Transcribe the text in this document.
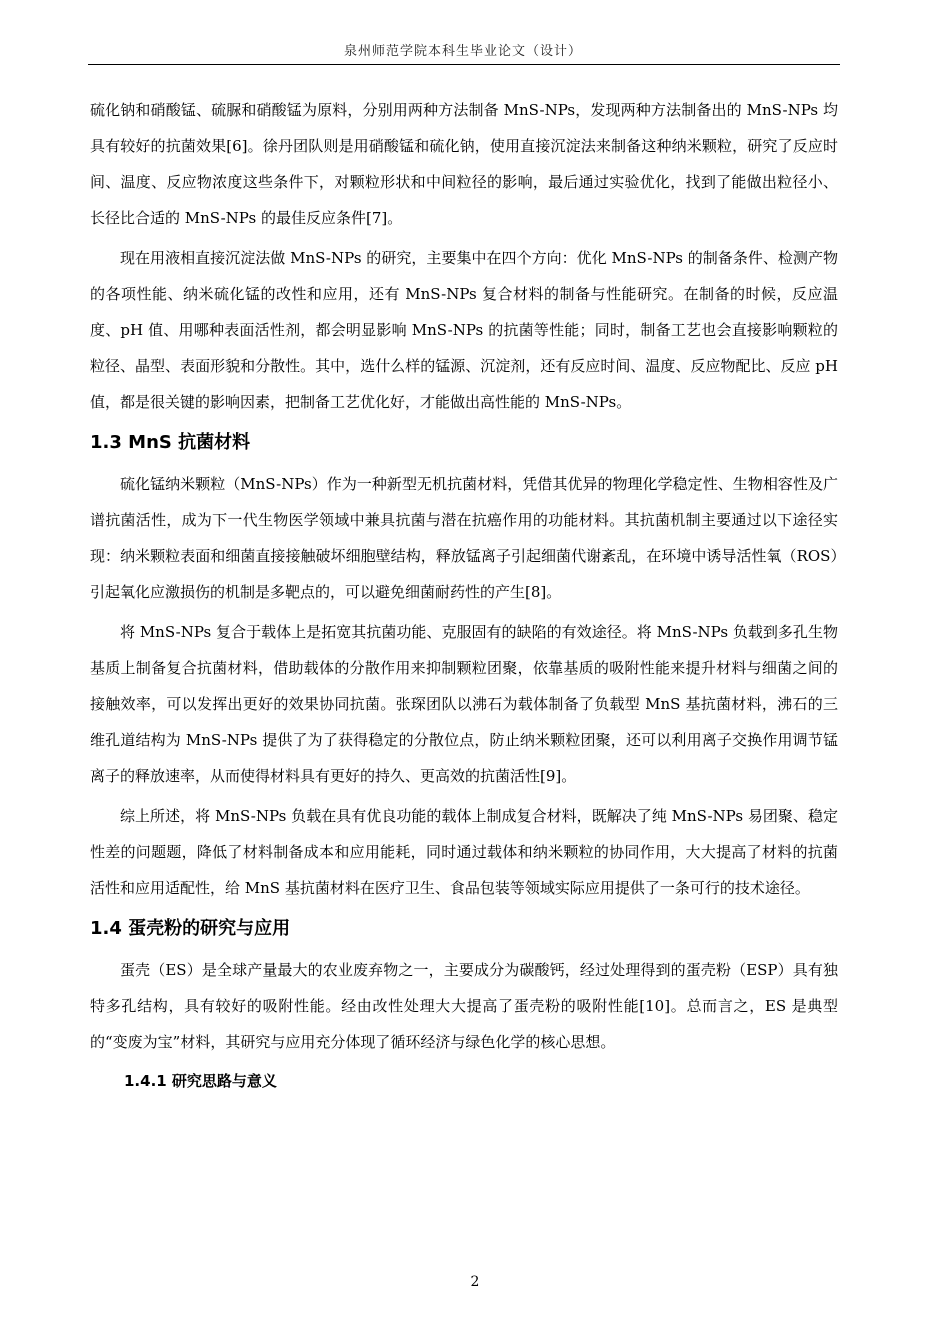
泉州师范学院本科生毕业论文（设计）

硫化钠和硝酸锰、硫脲和硝酸锰为原料，分别用两种方法制备 MnS-NPs，发现两种方法制备出的 MnS-NPs 均具有较好的抗菌效果[6]。徐丹团队则是用硝酸锰和硫化钠，使用直接沉淀法来制备这种纳米颗粒，研究了反应时间、温度、反应物浓度这些条件下，对颗粒形状和中间粒径的影响，最后通过实验优化，找到了能做出粒径小、长径比合适的 MnS-NPs 的最佳反应条件[7]。

现在用液相直接沉淀法做 MnS-NPs 的研究，主要集中在四个方向：优化 MnS-NPs 的制备条件、检测产物的各项性能、纳米硫化锰的改性和应用，还有 MnS-NPs 复合材料的制备与性能研究。在制备的时候，反应温度、pH 值、用哪种表面活性剂，都会明显影响 MnS-NPs 的抗菌等性能；同时，制备工艺也会直接影响颗粒的粒径、晶型、表面形貌和分散性。其中，选什么样的锰源、沉淀剂，还有反应时间、温度、反应物配比、反应 pH 值，都是很关键的影响因素，把制备工艺优化好，才能做出高性能的 MnS-NPs。

1.3 MnS 抗菌材料

硫化锰纳米颗粒（MnS-NPs）作为一种新型无机抗菌材料，凭借其优异的物理化学稳定性、生物相容性及广谱抗菌活性，成为下一代生物医学领域中兼具抗菌与潜在抗癌作用的功能材料。其抗菌机制主要通过以下途径实现：纳米颗粒表面和细菌直接接触破坏细胞壁结构，释放锰离子引起细菌代谢紊乱，在环境中诱导活性氧（ROS）引起氧化应激损伤的机制是多靶点的，可以避免细菌耐药性的产生[8]。

将 MnS-NPs 复合于载体上是拓宽其抗菌功能、克服固有的缺陷的有效途径。将 MnS-NPs 负载到多孔生物基质上制备复合抗菌材料，借助载体的分散作用来抑制颗粒团聚，依靠基质的吸附性能来提升材料与细菌之间的接触效率，可以发挥出更好的效果协同抗菌。张琛团队以沸石为载体制备了负载型 MnS 基抗菌材料，沸石的三维孔道结构为 MnS-NPs 提供了为了获得稳定的分散位点，防止纳米颗粒团聚，还可以利用离子交换作用调节锰离子的释放速率，从而使得材料具有更好的持久、更高效的抗菌活性[9]。

综上所述，将 MnS-NPs 负载在具有优良功能的载体上制成复合材料，既解决了纯 MnS-NPs 易团聚、稳定性差的问题题，降低了材料制备成本和应用能耗，同时通过载体和纳米颗粒的协同作用，大大提高了材料的抗菌活性和应用适配性，给 MnS 基抗菌材料在医疗卫生、食品包装等领域实际应用提供了一条可行的技术途径。

1.4 蛋壳粉的研究与应用

蛋壳（ES）是全球产量最大的农业废弃物之一，主要成分为碳酸钙，经过处理得到的蛋壳粉（ESP）具有独特多孔结构，具有较好的吸附性能。经由改性处理大大提高了蛋壳粉的吸附性能[10]。总而言之，ES 是典型的“变废为宝”材料，其研究与应用充分体现了循环经济与绿色化学的核心思想。

1.4.1 研究思路与意义
2
